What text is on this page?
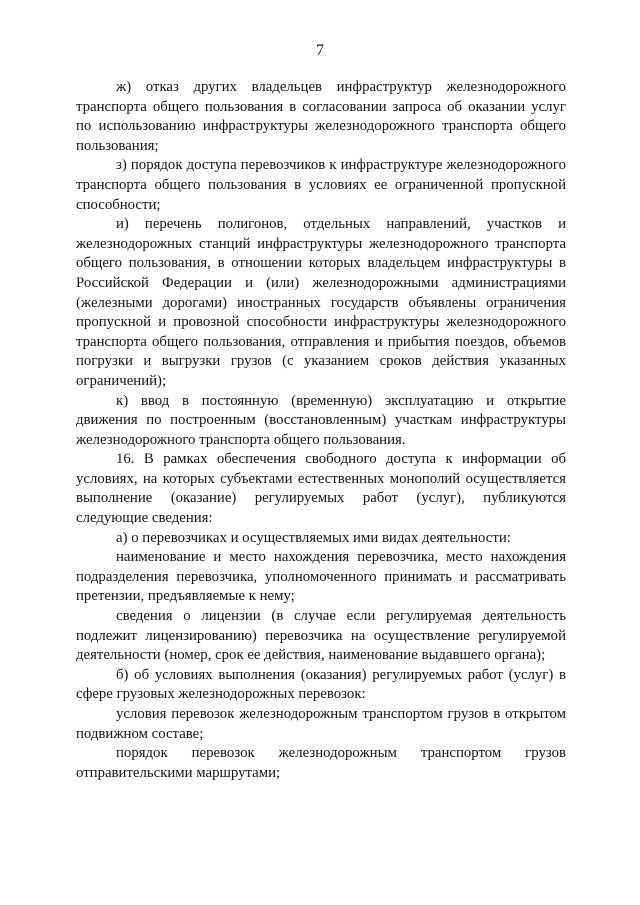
7

ж) отказ других владельцев инфраструктур железнодорожного транспорта общего пользования в согласовании запроса об оказании услуг по использованию инфраструктуры железнодорожного транспорта общего пользования;

з) порядок доступа перевозчиков к инфраструктуре железнодорожного транспорта общего пользования в условиях ее ограниченной пропускной способности;

и) перечень полигонов, отдельных направлений, участков и железнодорожных станций инфраструктуры железнодорожного транспорта общего пользования, в отношении которых владельцем инфраструктуры в Российской Федерации и (или) железнодорожными администрациями (железными дорогами) иностранных государств объявлены ограничения пропускной и провозной способности инфраструктуры железнодорожного транспорта общего пользования, отправления и прибытия поездов, объемов погрузки и выгрузки грузов (с указанием сроков действия указанных ограничений);

к) ввод в постоянную (временную) эксплуатацию и открытие движения по построенным (восстановленным) участкам инфраструктуры железнодорожного транспорта общего пользования.

16. В рамках обеспечения свободного доступа к информации об условиях, на которых субъектами естественных монополий осуществляется выполнение (оказание) регулируемых работ (услуг), публикуются следующие сведения:

а) о перевозчиках и осуществляемых ими видах деятельности:

наименование и место нахождения перевозчика, место нахождения подразделения перевозчика, уполномоченного принимать и рассматривать претензии, предъявляемые к нему;

сведения о лицензии (в случае если регулируемая деятельность подлежит лицензированию) перевозчика на осуществление регулируемой деятельности (номер, срок ее действия, наименование выдавшего органа);

б) об условиях выполнения (оказания) регулируемых работ (услуг) в сфере грузовых железнодорожных перевозок:

условия перевозок железнодорожным транспортом грузов в открытом подвижном составе;

порядок перевозок железнодорожным транспортом грузов отправительскими маршрутами;
